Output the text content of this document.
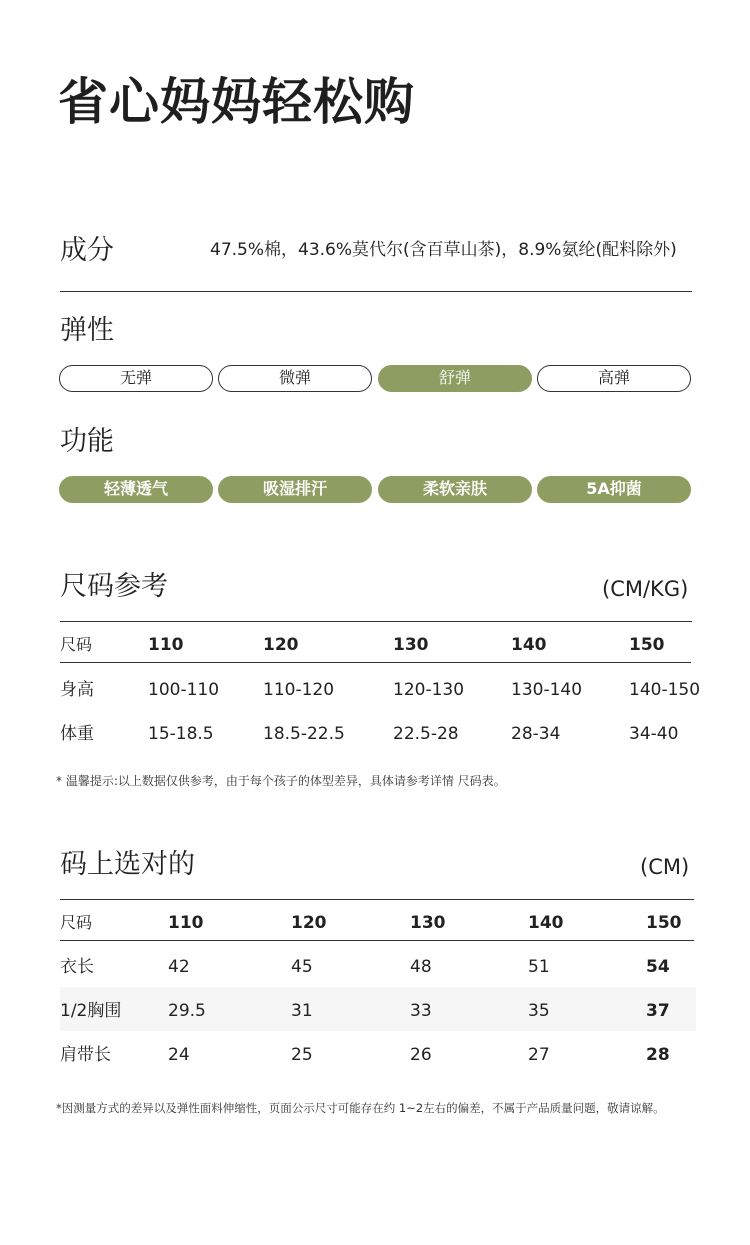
省心妈妈轻松购
成分	47.5%棉，43.6%莫代尔(含百草山茶)，8.9%氨纶(配料除外)
弹性
无弹	微弹	舒弹	高弹
功能
轻薄透气	吸湿排汗	柔软亲肤	5A抑菌
尺码参考	(CM/KG)
尺码	110	120	130	140	150
身高	100-110	110-120	120-130	130-140	140-150
体重	15-18.5	18.5-22.5	22.5-28	28-34	34-40
* 温馨提示:以上数据仅供参考，由于每个孩子的体型差异，具体请参考详情 尺码表。
码上选对的	(CM)
尺码	110	120	130	140	150
衣长	42	45	48	51	54
1/2胸围	29.5	31	33	35	37
肩带长	24	25	26	27	28
*因测量方式的差异以及弹性面料伸缩性，页面公示尺寸可能存在约 1~2左右的偏差，不属于产品质量问题，敬请谅解。
